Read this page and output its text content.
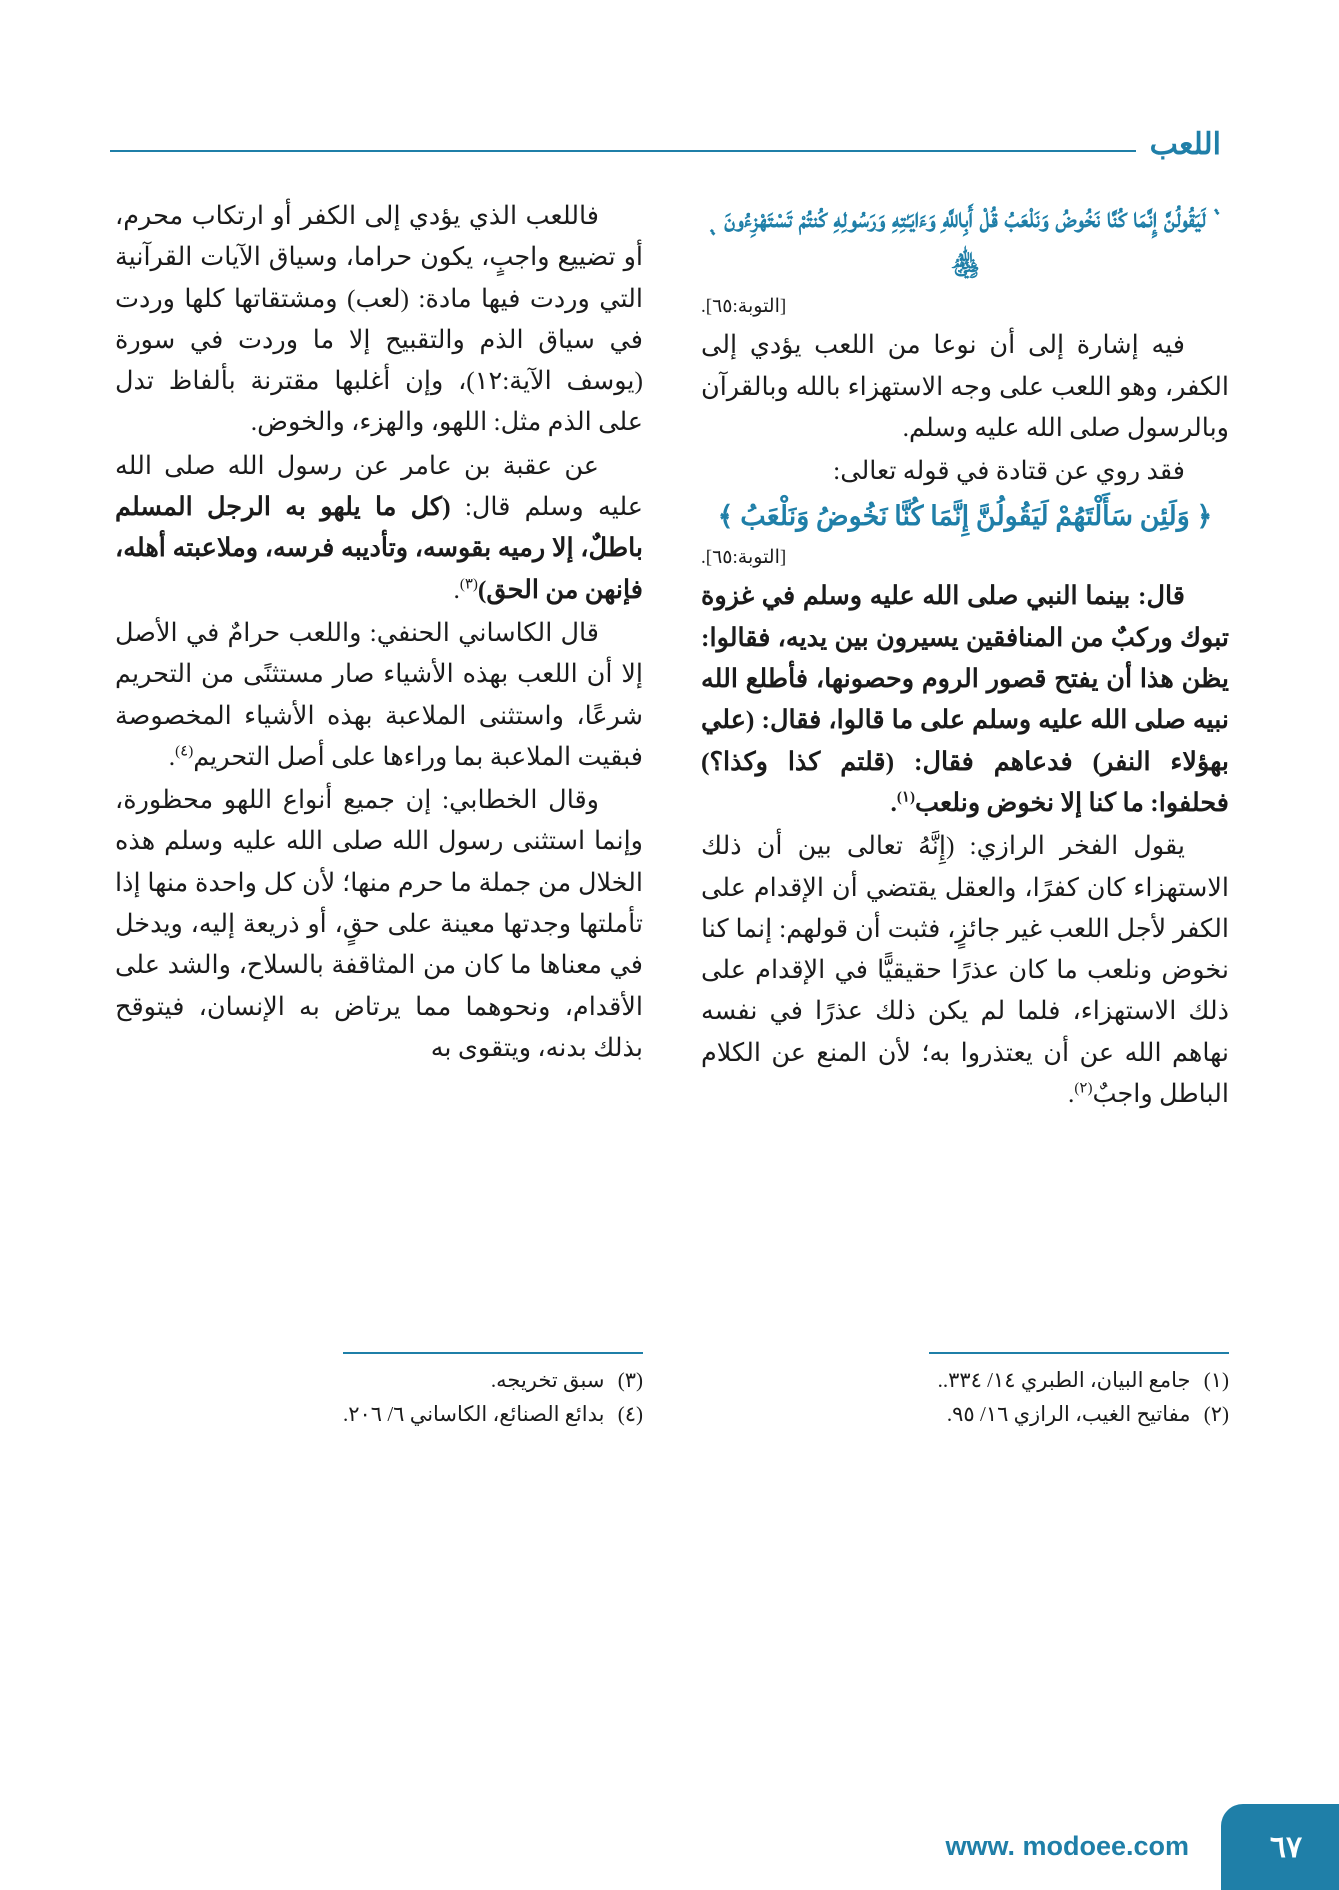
اللعب

﮽ لَيَقُولُنَّ إِنَّمَا كُنَّا نَخُوضُ وَنَلْعَبُ قُلْ أَبِاللَّهِ وَءَايَـٰتِهِ وَرَسُولِهِ كُنتُمْ تَسْتَهْزِءُونَ ﮾ ﵃

[التوبة:٦٥].

فيه إشارة إلى أن نوعا من اللعب يؤدي إلى الكفر، وهو اللعب على وجه الاستهزاء بالله وبالقرآن وبالرسول صلى الله عليه وسلم.

فقد روي عن قتادة في قوله تعالى:

﴿ وَلَئِن سَأَلْتَهُمْ لَيَقُولُنَّ إِنَّمَا كُنَّا نَخُوضُ وَنَلْعَبُ ﴾

[التوبة:٦٥].

قال: بينما النبي صلى الله عليه وسلم في غزوة تبوك وركبٌ من المنافقين يسيرون بين يديه، فقالوا: يظن هذا أن يفتح قصور الروم وحصونها، فأطلع الله نبيه صلى الله عليه وسلم على ما قالوا، فقال: (علي بهؤلاء النفر) فدعاهم فقال: (قلتم كذا وكذا؟) فحلفوا: ما كنا إلا نخوض ونلعب$^{(١)}$.

يقول الفخر الرازي: (إِنَّهُ تعالى بين أن ذلك الاستهزاء كان كفرًا، والعقل يقتضي أن الإقدام على الكفر لأجل اللعب غير جائزٍ، فثبت أن قولهم: إنما كنا نخوض ونلعب ما كان عذرًا حقيقيًّا في الإقدام على ذلك الاستهزاء، فلما لم يكن ذلك عذرًا في نفسه نهاهم الله عن أن يعتذروا به؛ لأن المنع عن الكلام الباطل واجبٌ$^{(٢)}$.

فاللعب الذي يؤدي إلى الكفر أو ارتكاب محرم، أو تضييع واجبٍ، يكون حراما، وسياق الآيات القرآنية التي وردت فيها مادة: (لعب) ومشتقاتها كلها وردت في سياق الذم والتقبيح إلا ما وردت في سورة (يوسف الآية:١٢)، وإن أغلبها مقترنة بألفاظ تدل على الذم مثل: اللهو، والهزء، والخوض.

عن عقبة بن عامر عن رسول الله صلى الله عليه وسلم قال: (كل ما يلهو به الرجل المسلم باطلٌ، إلا رميه بقوسه، وتأديبه فرسه، وملاعبته أهله، فإنهن من الحق)$^{(٣)}$.

قال الكاساني الحنفي: واللعب حرامٌ في الأصل إلا أن اللعب بهذه الأشياء صار مستثنًى من التحريم شرعًا، واستثنى الملاعبة بهذه الأشياء المخصوصة فبقيت الملاعبة بما وراءها على أصل التحريم$^{(٤)}$.

وقال الخطابي: إن جميع أنواع اللهو محظورة، وإنما استثنى رسول الله صلى الله عليه وسلم هذه الخلال من جملة ما حرم منها؛ لأن كل واحدة منها إذا تأملتها وجدتها معينة على حقٍ، أو ذريعة إليه، ويدخل في معناها ما كان من المثاقفة بالسلاح، والشد على الأقدام، ونحوهما مما يرتاض به الإنسان، فيتوقح بذلك بدنه، ويتقوى به

(١) جامع البيان، الطبري ١٤/ ٣٣٤..
(٢) مفاتيح الغيب، الرازي ١٦/ ٩٥.
(٣) سبق تخريجه.
(٤) بدائع الصنائع، الكاساني ٦/ ٢٠٦.
٦٧
www. modoee.com
